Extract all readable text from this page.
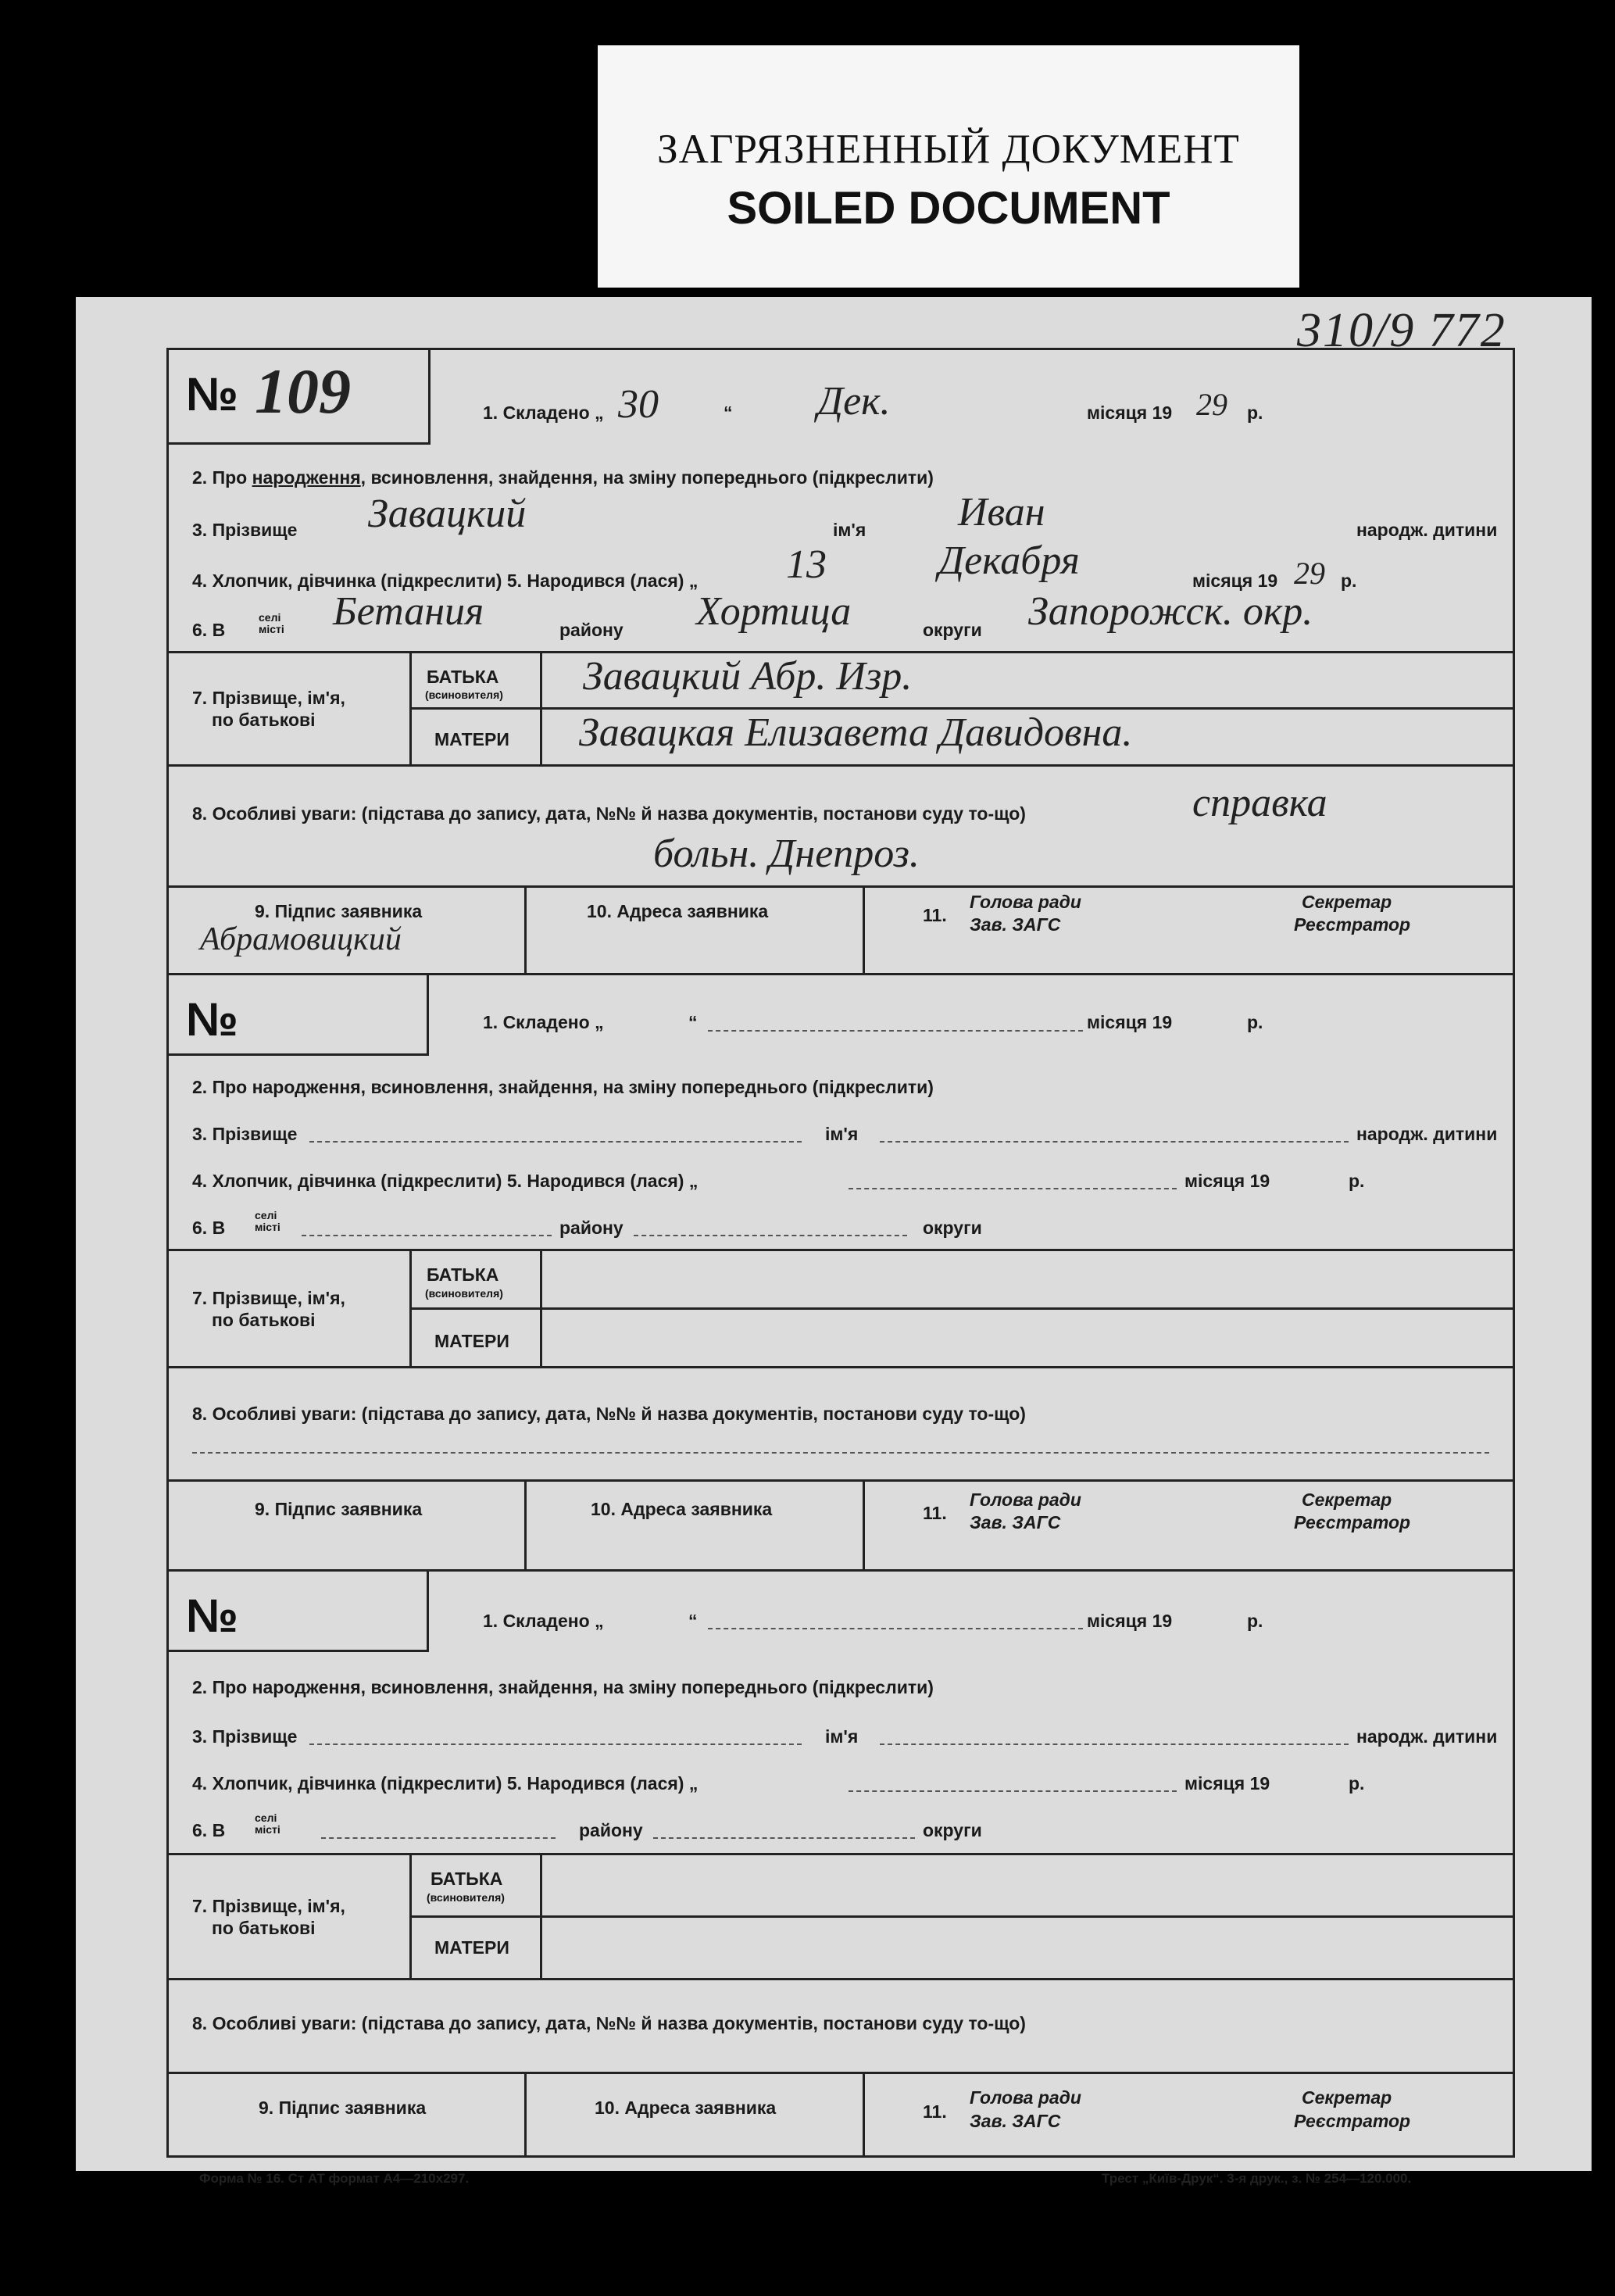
ЗАГРЯЗНЕННЫЙ ДОКУМЕНТ
SOILED DOCUMENT
310/9 772
№ 109	1. Складено „ 30	“ Дек.	місяця 19 29 р.
2. Про народження, всиновлення, знайдення, на зміну попереднього (підкреслити)
3. Прізвище Завацкий	ім'я Иван	народж. дитини
4. Хлопчик, дівчинка (підкреслити) 5. Народився (лася) „ 13	Декабря	місяця 19 29 р.
6. В
селі
місті Бетания	району Хортица	округи Запорожск. окр.
7. Прізвище, ім'я,
по батькові
БАТЬКА
(всиновителя) Завацкий Абр. Изр.
МАТЕРИ Завацкая Елизавета Давидовна.
8. Особливі уваги: (підстава до запису, дата, №№ й назва документів, постанови суду то-що)	справка
больн. Днепроз.
9. Підпис заявника
Абрамовицкий
10. Адреса заявника	11.
Голова ради
Зав. ЗАГС
Секретар
Реєстратор
№	1. Складено „	“	місяця 19	р.
2. Про народження, всиновлення, знайдення, на зміну попереднього (підкреслити)
3. Прізвище	ім'я	народж. дитини
4. Хлопчик, дівчинка (підкреслити) 5. Народився (лася) „	місяця 19	р.
6. В
селі
місті	району	округи
7. Прізвище, ім'я,
по батькові
БАТЬКА
(всиновителя)
МАТЕРИ
8. Особливі уваги: (підстава до запису, дата, №№ й назва документів, постанови суду то-що)
9. Підпис заявника	10. Адреса заявника	11.
Голова ради
Зав. ЗАГС
Секретар
Реєстратор
№	1. Складено „	“	місяця 19	р.
2. Про народження, всиновлення, знайдення, на зміну попереднього (підкреслити)
3. Прізвище	ім'я	народж. дитини
4. Хлопчик, дівчинка (підкреслити) 5. Народився (лася) „	місяця 19	р.
6. В
селі
місті	району	округи
7. Прізвище, ім'я,
по батькові
БАТЬКА
(всиновителя)
МАТЕРИ
8. Особливі уваги: (підстава до запису, дата, №№ й назва документів, постанови суду то-що)
9. Підпис заявника	10. Адреса заявника	11.
Голова ради
Зав. ЗАГС
Секретар
Реєстратор
Форма № 16. Ст АТ формат А4—210х297.	Трест „Київ-Друк“. 3-я друк., з. № 254—120.000.
